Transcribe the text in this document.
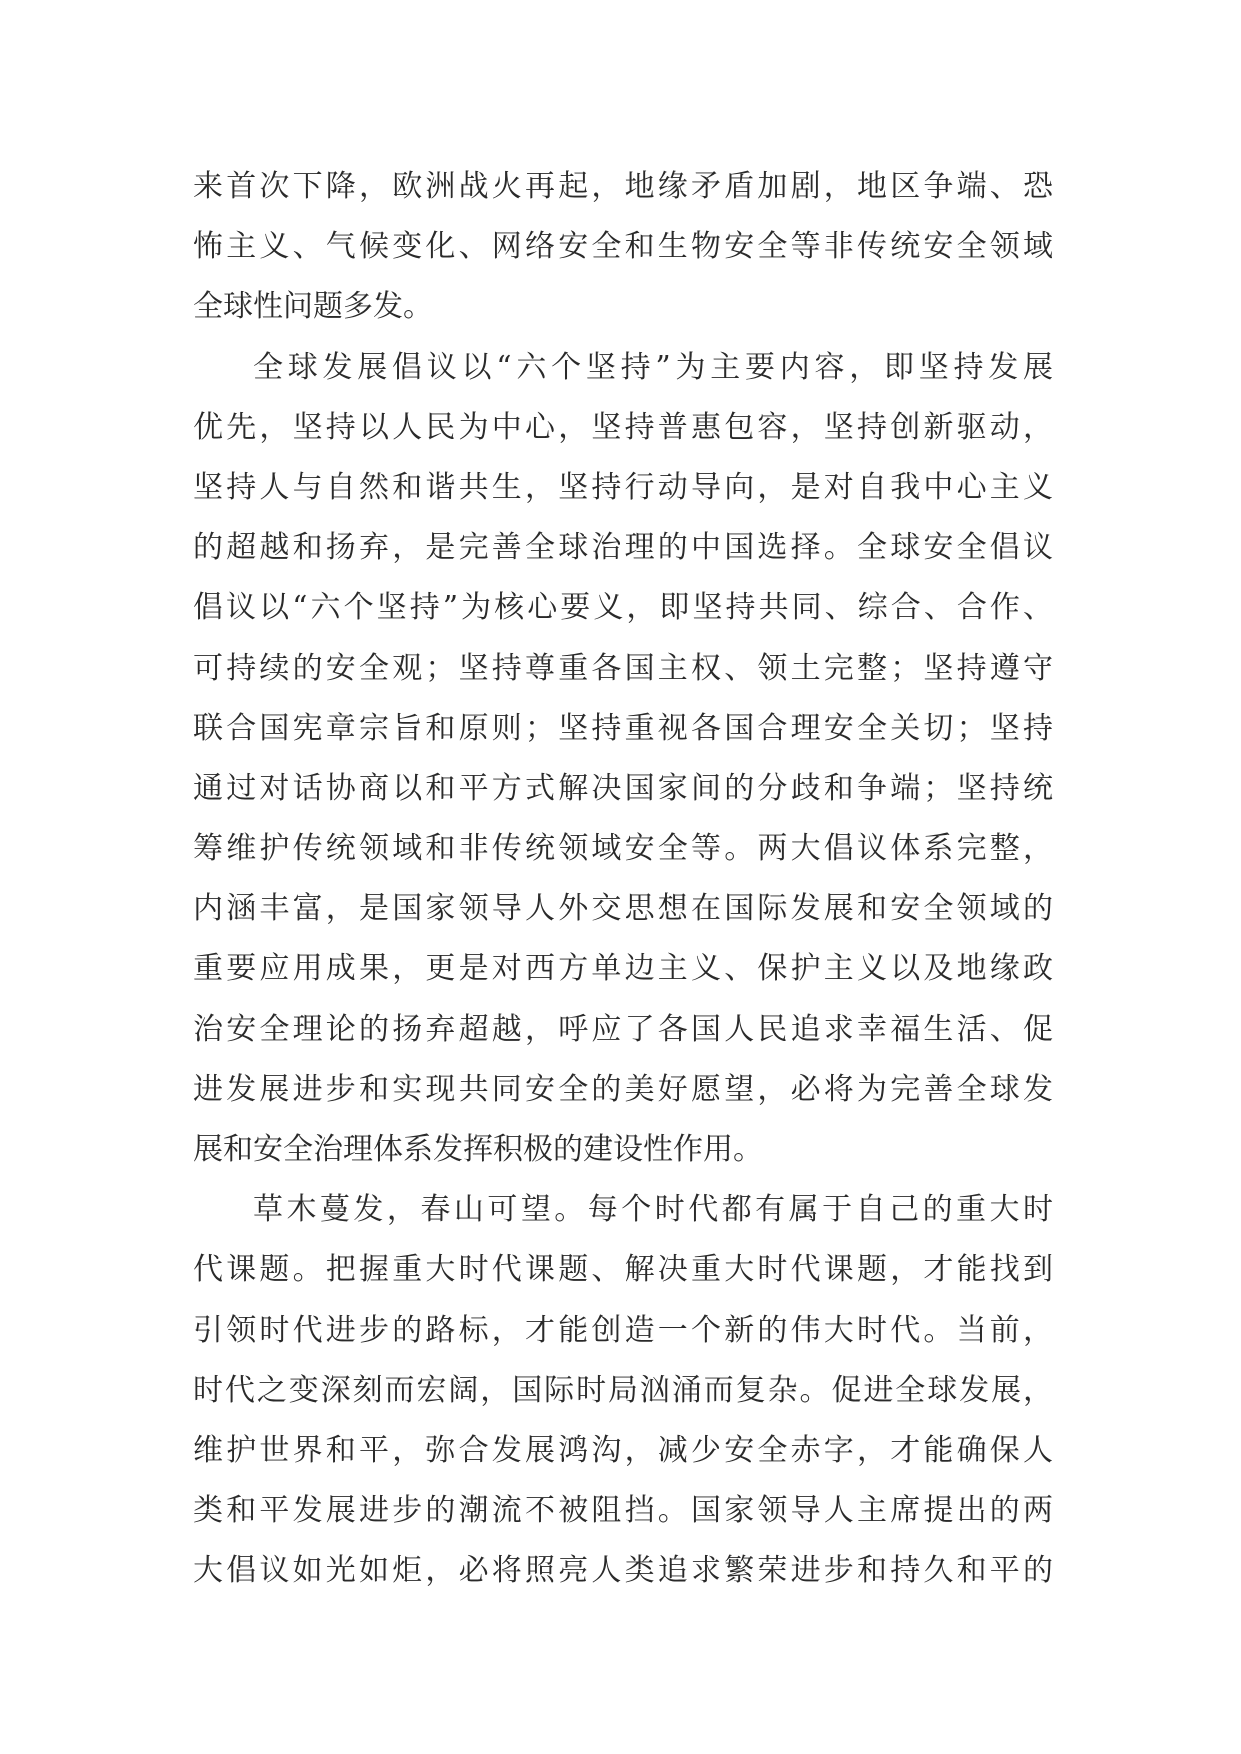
来首次下降，欧洲战火再起，地缘矛盾加剧，地区争端、恐
怖主义、气候变化、网络安全和生物安全等非传统安全领域
全球性问题多发。
全球发展倡议以“六个坚持”为主要内容，即坚持发展
优先，坚持以人民为中心，坚持普惠包容，坚持创新驱动，
坚持人与自然和谐共生，坚持行动导向，是对自我中心主义
的超越和扬弃，是完善全球治理的中国选择。全球安全倡议
倡议以“六个坚持”为核心要义，即坚持共同、综合、合作、
可持续的安全观；坚持尊重各国主权、领土完整；坚持遵守
联合国宪章宗旨和原则；坚持重视各国合理安全关切；坚持
通过对话协商以和平方式解决国家间的分歧和争端；坚持统
筹维护传统领域和非传统领域安全等。两大倡议体系完整，
内涵丰富，是国家领导人外交思想在国际发展和安全领域的
重要应用成果，更是对西方单边主义、保护主义以及地缘政
治安全理论的扬弃超越，呼应了各国人民追求幸福生活、促
进发展进步和实现共同安全的美好愿望，必将为完善全球发
展和安全治理体系发挥积极的建设性作用。
草木蔓发，春山可望。每个时代都有属于自己的重大时
代课题。把握重大时代课题、解决重大时代课题，才能找到
引领时代进步的路标，才能创造一个新的伟大时代。当前，
时代之变深刻而宏阔，国际时局汹涌而复杂。促进全球发展，
维护世界和平，弥合发展鸿沟，减少安全赤字，才能确保人
类和平发展进步的潮流不被阻挡。国家领导人主席提出的两
大倡议如光如炬，必将照亮人类追求繁荣进步和持久和平的
